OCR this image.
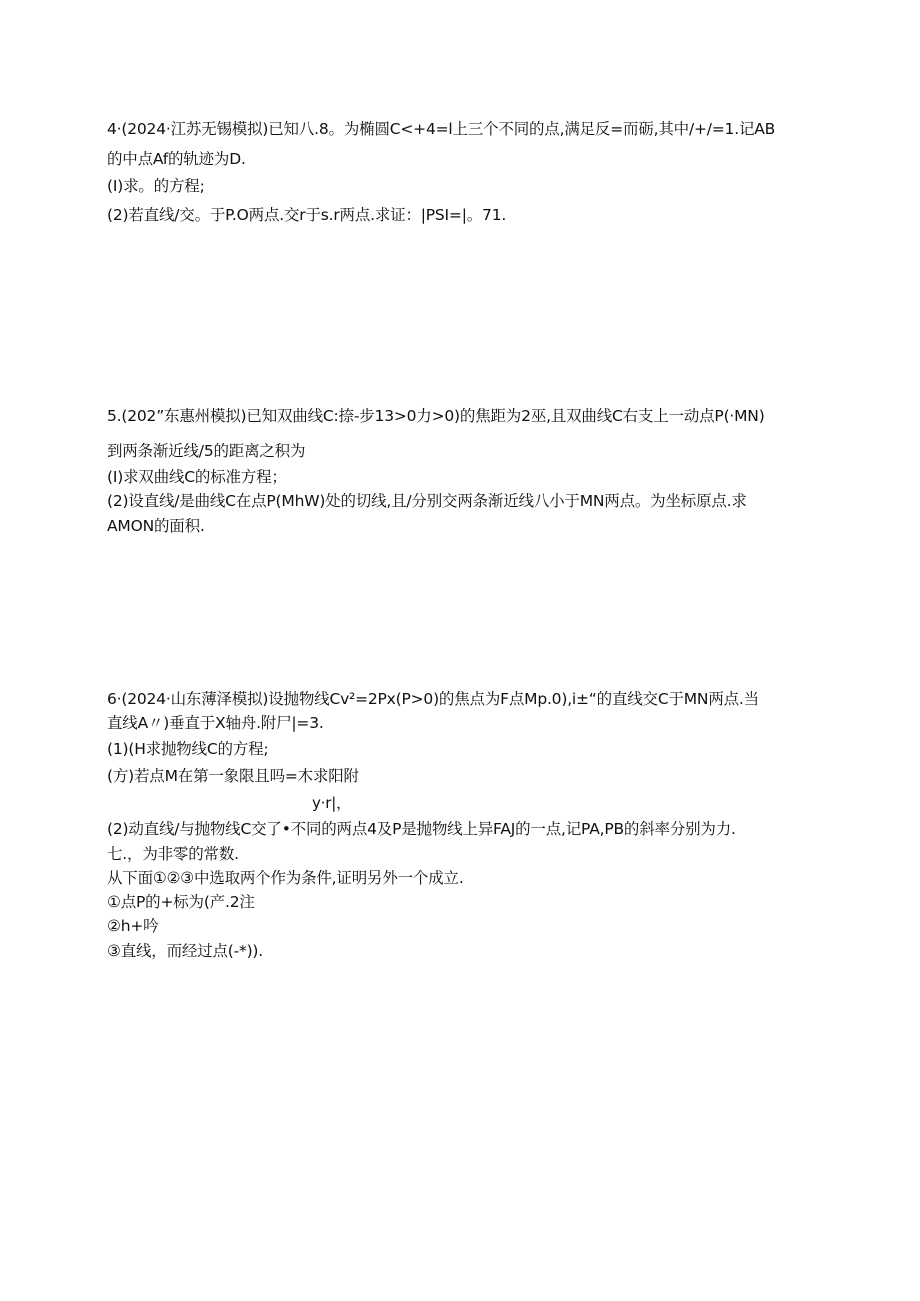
4·(2024·江苏无锡模拟)已知八.8。为椭圆C<+4=l上三个不同的点,满足反=而砺,其中/+/=1.记AB
的中点Af的轨迹为D.
(I)求。的方程;
(2)若直线/交。于P.O两点.交r于s.r两点.求证：|PSI=|。71.
5.(202”东惠州模拟)已知双曲线C:捺-步13>0力>0)的焦距为2巫,且双曲线C右支上一动点P(·MN)
到两条渐近线/5的距离之积为
(I)求双曲线C的标准方程；
(2)设直线/是曲线C在点P(MhW)处的切线,且/分别交两条渐近线八小于MN两点。为坐标原点.求
AMON的面积.
6·(2024·山东薄泽模拟)设抛物线Cv²=2Px(P>0)的焦点为F点Mp.0),i±“的直线交C于MN两点.当
直线A〃)垂直于X轴舟.附尸|=3.
(1)(H求抛物线C的方程;
(方)若点M在第一象限且吗=木求阳附
y·r|，
(2)动直线/与抛物线C交了•不同的两点4及P是抛物线上异FAJ的一点,记PA,PB的斜率分别为力.
七.，为非零的常数.
从下面①②③中选取两个作为条件,证明另外一个成立.
①点P的+标为(产.2注
②h+吟
③直线，而经过点(-*)).
